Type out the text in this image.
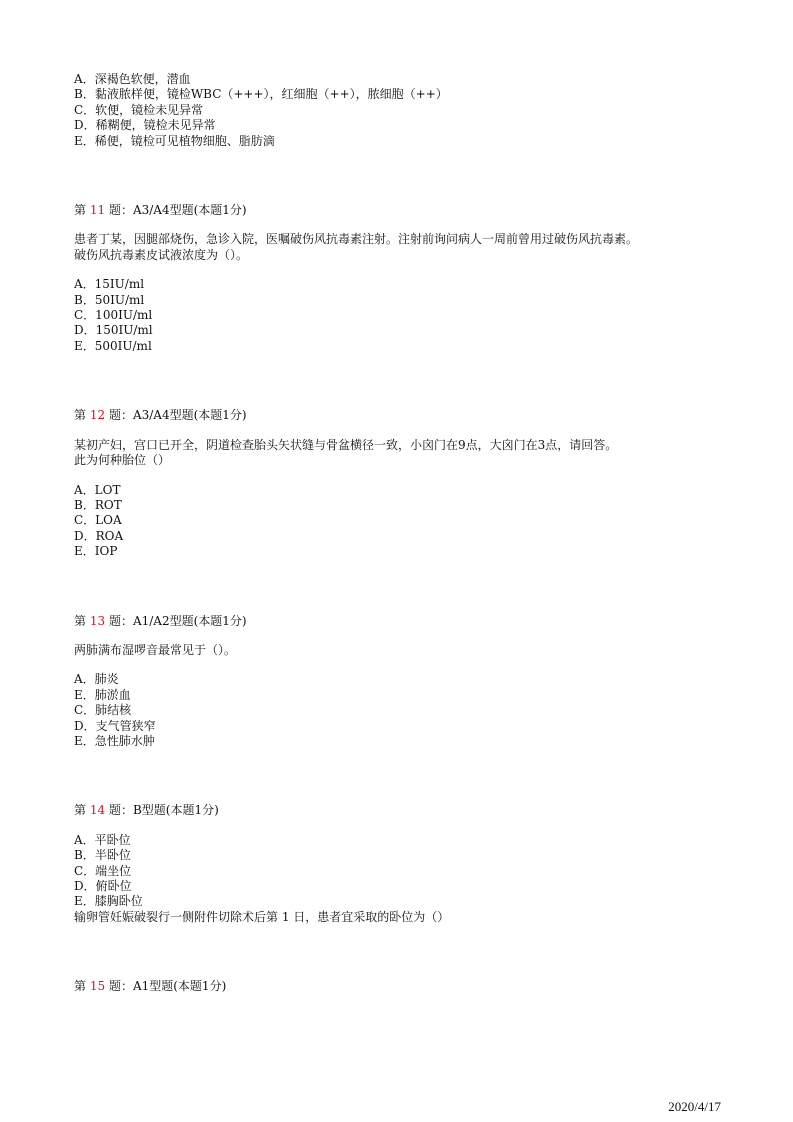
A．深褐色软便，潜血
B．黏液脓样便，镜检WBC（+++），红细胞（++），脓细胞（++）
C．软便，镜检未见异常
D．稀糊便，镜检未见异常
E．稀便，镜检可见植物细胞、脂肪滴
第 11 题：A3/A4型题(本题1分)
患者丁某，因腿部烧伤，急诊入院，医嘱破伤风抗毒素注射。注射前询问病人一周前曾用过破伤风抗毒素。
破伤风抗毒素皮试液浓度为（）。
A．15IU/ml
B．50IU/ml
C．100IU/ml
D．150IU/ml
E．500IU/ml
第 12 题：A3/A4型题(本题1分)
某初产妇，宫口已开全，阴道检查胎头矢状缝与骨盆横径一致，小囟门在9点，大囟门在3点，请回答。
此为何种胎位（）
A．LOT
B．ROT
C．LOA
D．ROA
E．IOP
第 13 题：A1/A2型题(本题1分)
两肺满布湿啰音最常见于（）。
A．肺炎
E．肺淤血
C．肺结核
D．支气管狭窄
E．急性肺水肿
第 14 题：B型题(本题1分)
A．平卧位
B．半卧位
C．端坐位
D．俯卧位
E．膝胸卧位
输卵管妊娠破裂行一侧附件切除术后第 1 日，患者宜采取的卧位为（）
第 15 题：A1型题(本题1分)
2020/4/17
